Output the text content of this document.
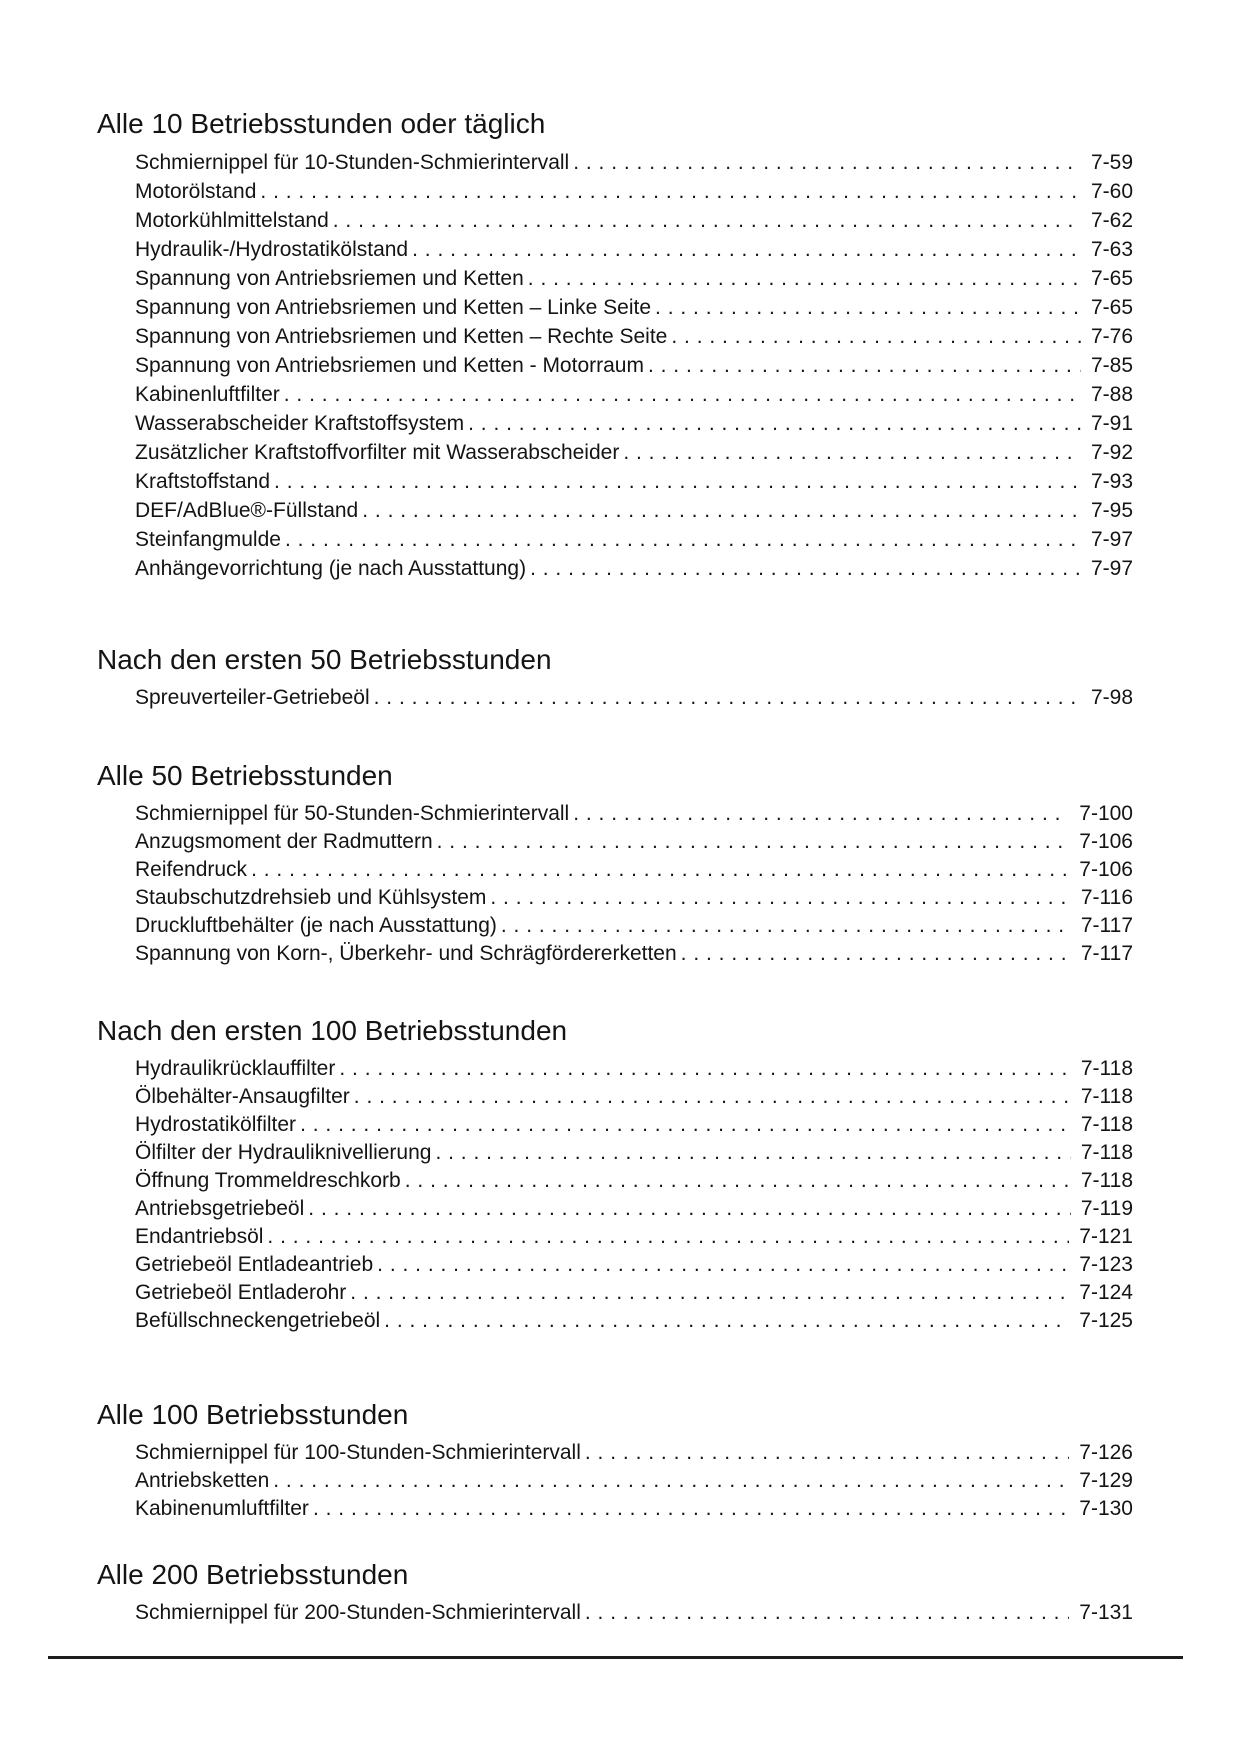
Alle 10 Betriebsstunden oder täglich
Schmiernippel für 10-Stunden-Schmierintervall . . .	7-59
Motorölstand . . .	7-60
Motorkühlmittelstand . . .	7-62
Hydraulik-/Hydrostatikölstand . . .	7-63
Spannung von Antriebsriemen und Ketten . . .	7-65
Spannung von Antriebsriemen und Ketten – Linke Seite . . .	7-65
Spannung von Antriebsriemen und Ketten – Rechte Seite . . .	7-76
Spannung von Antriebsriemen und Ketten - Motorraum . . .	7-85
Kabinenluftfilter . . .	7-88
Wasserabscheider Kraftstoffsystem . . .	7-91
Zusätzlicher Kraftstoffvorfilter mit Wasserabscheider . . .	7-92
Kraftstoffstand . . .	7-93
DEF/AdBlue®-Füllstand . . .	7-95
Steinfangmulde . . .	7-97
Anhängevorrichtung (je nach Ausstattung) . . .	7-97
Nach den ersten 50 Betriebsstunden
Spreuverteiler-Getriebeöl . . .	7-98
Alle 50 Betriebsstunden
Schmiernippel für 50-Stunden-Schmierintervall . . .	7-100
Anzugsmoment der Radmuttern . . .	7-106
Reifendruck . . .	7-106
Staubschutzdrehsieb und Kühlsystem . . .	7-116
Druckluftbehälter (je nach Ausstattung) . . .	7-117
Spannung von Korn-, Überkehr- und Schrägfördererketten . . .	7-117
Nach den ersten 100 Betriebsstunden
Hydraulikrücklauffilter . . .	7-118
Ölbehälter-Ansaugfilter . . .	7-118
Hydrostatikölfilter . . .	7-118
Ölfilter der Hydrauliknivellierung . . .	7-118
Öffnung Trommeldreschkorb . . .	7-118
Antriebsgetriebeöl . . .	7-119
Endantriebsöl . . .	7-121
Getriebeöl Entladeantrieb . . .	7-123
Getriebeöl Entladerohr . . .	7-124
Befüllschneckengetriebeöl . . .	7-125
Alle 100 Betriebsstunden
Schmiernippel für 100-Stunden-Schmierintervall . . .	7-126
Antriebsketten . . .	7-129
Kabinenumluftfilter . . .	7-130
Alle 200 Betriebsstunden
Schmiernippel für 200-Stunden-Schmierintervall . . .	7-131
